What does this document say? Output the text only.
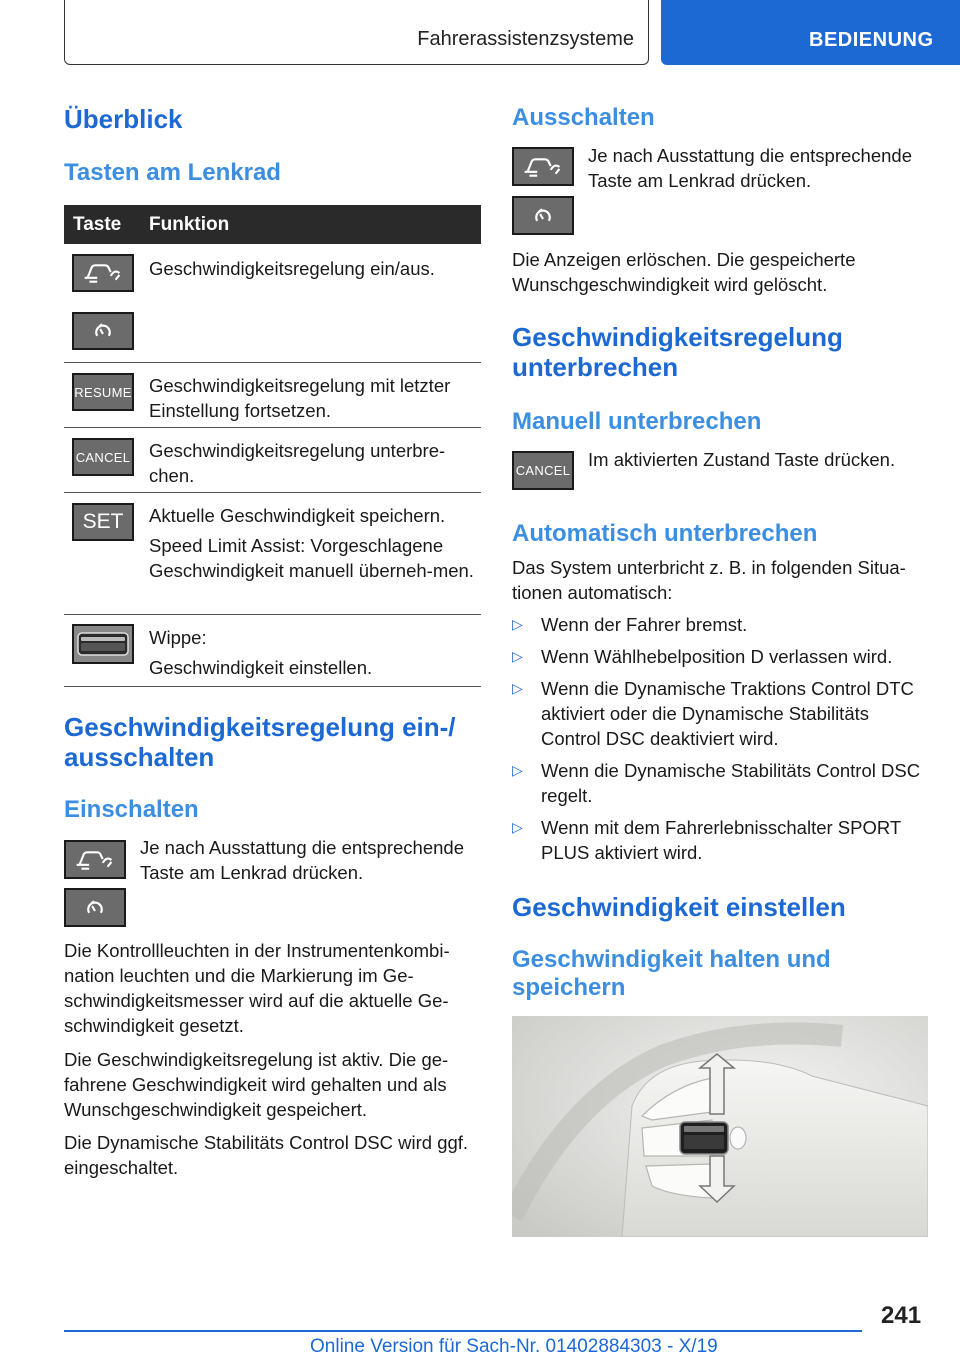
Fahrerassistenzsysteme	BEDIENUNG
Überblick
Tasten am Lenkrad
Taste Funktion
Geschwindigkeitsregelung ein/aus.
RESUME Geschwindigkeitsregelung mit letzter Einstellung fortsetzen.
CANCEL Geschwindigkeitsregelung unterbre-chen.
SET Aktuelle Geschwindigkeit speichern.
Speed Limit Assist: Vorgeschlagene Geschwindigkeit manuell überneh-men.
Wippe:
Geschwindigkeit einstellen.
Geschwindigkeitsregelung ein-/ ausschalten
Einschalten
Je nach Ausstattung die entsprechende Taste am Lenkrad drücken.
Die Kontrollleuchten in der Instrumentenkombi-nation leuchten und die Markierung im Ge-schwindigkeitsmesser wird auf die aktuelle Ge-schwindigkeit gesetzt.
Die Geschwindigkeitsregelung ist aktiv. Die ge-fahrene Geschwindigkeit wird gehalten und als Wunschgeschwindigkeit gespeichert.
Die Dynamische Stabilitäts Control DSC wird ggf. eingeschaltet.
Ausschalten
Je nach Ausstattung die entsprechende Taste am Lenkrad drücken.
Die Anzeigen erlöschen. Die gespeicherte Wunschgeschwindigkeit wird gelöscht.
Geschwindigkeitsregelung unterbrechen
Manuell unterbrechen
CANCEL
Im aktivierten Zustand Taste drücken.
Automatisch unterbrechen
Das System unterbricht z. B. in folgenden Situa-tionen automatisch:
▷ Wenn der Fahrer bremst.
▷ Wenn Wählhebelposition D verlassen wird.
▷ Wenn die Dynamische Traktions Control DTC aktiviert oder die Dynamische Stabilitäts Control DSC deaktiviert wird.
▷ Wenn die Dynamische Stabilitäts Control DSC regelt.
▷ Wenn mit dem Fahrerlebnisschalter SPORT PLUS aktiviert wird.
Geschwindigkeit einstellen
Geschwindigkeit halten und speichern
241
Online Version für Sach-Nr. 01402884303 - X/19
